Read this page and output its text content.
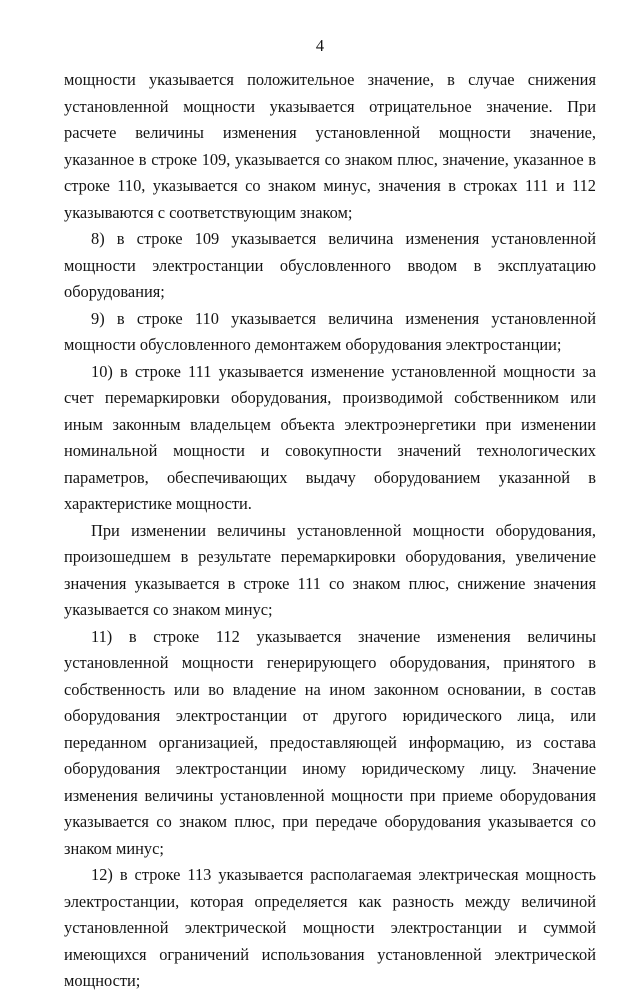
4

мощности указывается положительное значение, в случае снижения установленной мощности указывается отрицательное значение. При расчете величины изменения установленной мощности значение, указанное в строке 109, указывается со знаком плюс, значение, указанное в строке 110, указывается со знаком минус, значения в строках 111 и 112 указываются с соответствующим знаком;

8) в строке 109 указывается величина изменения установленной мощности электростанции обусловленного вводом в эксплуатацию оборудования;

9) в строке 110 указывается величина изменения установленной мощности обусловленного демонтажем оборудования электростанции;

10) в строке 111 указывается изменение установленной мощности за счет перемаркировки оборудования, производимой собственником или иным законным владельцем объекта электроэнергетики при изменении номинальной мощности и совокупности значений технологических параметров, обеспечивающих выдачу оборудованием указанной в характеристике мощности.

При изменении величины установленной мощности оборудования, произошедшем в результате перемаркировки оборудования, увеличение значения указывается в строке 111 со знаком плюс, снижение значения указывается со знаком минус;

11) в строке 112 указывается значение изменения величины установленной мощности генерирующего оборудования, принятого в собственность или во владение на ином законном основании, в состав оборудования электростанции от другого юридического лица, или переданном организацией, предоставляющей информацию, из состава оборудования электростанции иному юридическому лицу. Значение изменения величины установленной мощности при приеме оборудования указывается со знаком плюс, при передаче оборудования указывается со знаком минус;

12) в строке 113 указывается располагаемая электрическая мощность электростанции, которая определяется как разность между величиной установленной электрической мощности электростанции и суммой имеющихся ограничений использования установленной электрической мощности;
